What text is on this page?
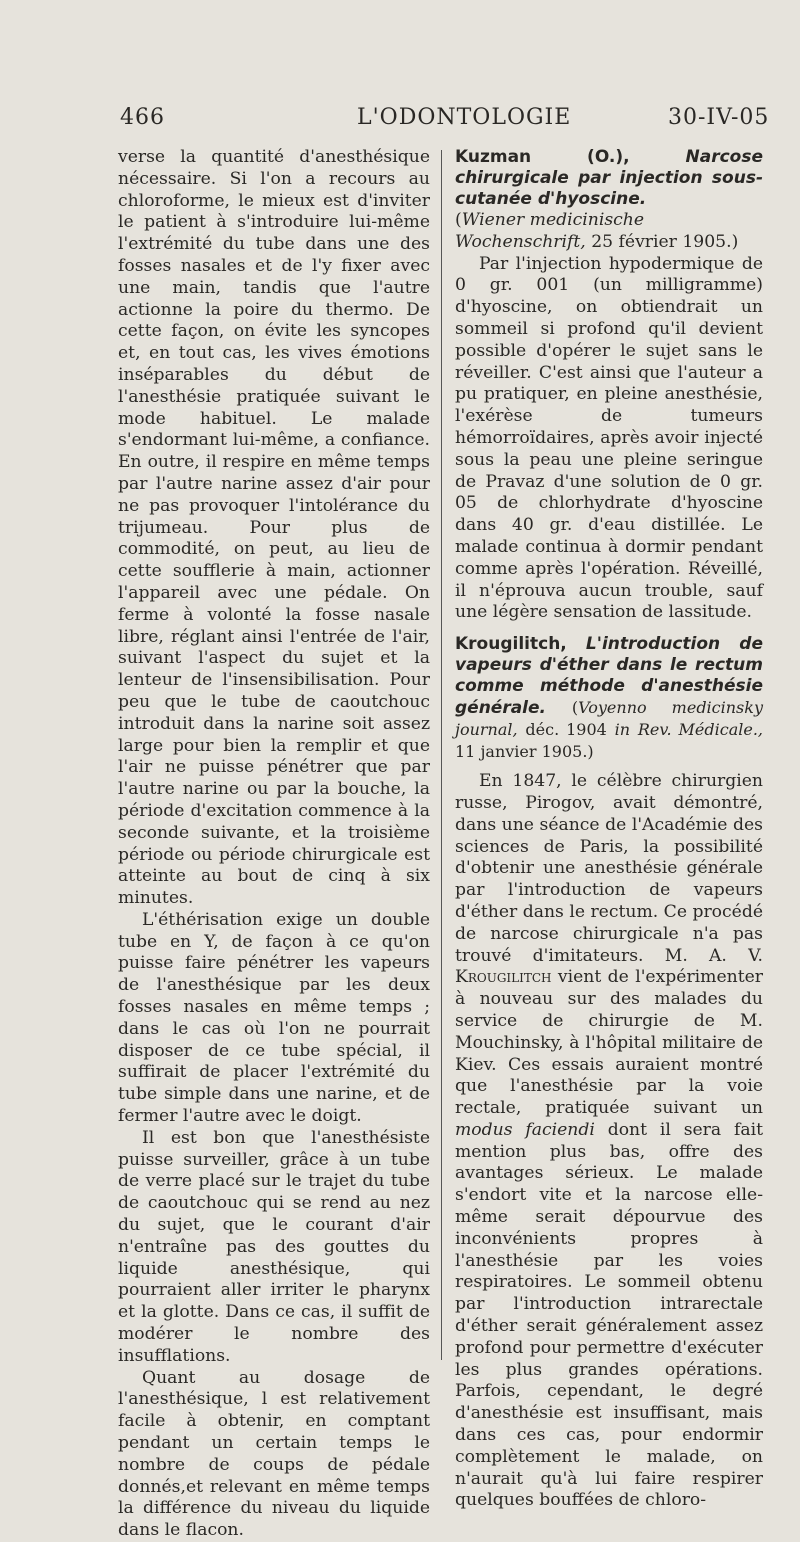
466	L'ODONTOLOGIE	30-IV-05

verse la quantité d'anesthésique nécessaire. Si l'on a recours au chloroforme, le mieux est d'inviter le patient à s'introduire lui-même l'extrémité du tube dans une des fosses nasales et de l'y fixer avec une main, tandis que l'autre actionne la poire du thermo. De cette façon, on évite les syncopes et, en tout cas, les vives émotions inséparables du début de l'anesthésie pratiquée suivant le mode habituel. Le malade s'endormant lui-même, a confiance. En outre, il respire en même temps par l'autre narine assez d'air pour ne pas provoquer l'intolérance du trijumeau. Pour plus de commodité, on peut, au lieu de cette soufflerie à main, actionner l'appareil avec une pédale. On ferme à volonté la fosse nasale libre, réglant ainsi l'entrée de l'air, suivant l'aspect du sujet et la lenteur de l'insensibilisation. Pour peu que le tube de caoutchouc introduit dans la narine soit assez large pour bien la remplir et que l'air ne puisse pénétrer que par l'autre narine ou par la bouche, la période d'excitation commence à la seconde suivante, et la troisième période ou période chirurgicale est atteinte au bout de cinq à six minutes.

L'éthérisation exige un double tube en Y, de façon à ce qu'on puisse faire pénétrer les vapeurs de l'anesthésique par les deux fosses nasales en même temps ; dans le cas où l'on ne pourrait disposer de ce tube spécial, il suffirait de placer l'extrémité du tube simple dans une narine, et de fermer l'autre avec le doigt.

Il est bon que l'anesthésiste puisse surveiller, grâce à un tube de verre placé sur le trajet du tube de caoutchouc qui se rend au nez du sujet, que le courant d'air n'entraîne pas des gouttes du liquide anesthésique, qui pourraient aller irriter le pharynx et la glotte. Dans ce cas, il suffit de modérer le nombre des insufflations.

Quant au dosage de l'anesthésique, l est relativement facile à obtenir, en comptant pendant un certain temps le nombre de coups de pédale donnés,et relevant en même temps la différence du niveau du liquide dans le flacon.

Kuzman (O.),	Narcose chirurgicale par injection sous-cutanée d'hyoscine.

(Wiener medicinische Wochenschrift, 25 février 1905.)

Par l'injection hypodermique de 0 gr. 001 (un milligramme) d'hyoscine, on obtiendrait un sommeil si profond qu'il devient possible d'opérer le sujet sans le réveiller. C'est ainsi que l'auteur a pu pratiquer, en pleine anesthésie, l'exérèse de tumeurs hémorroïdaires, après avoir injecté sous la peau une pleine seringue de Pravaz d'une solution de 0 gr. 05 de chlorhydrate d'hyoscine dans 40 gr. d'eau distillée. Le malade continua à dormir pendant comme après l'opération. Réveillé, il n'éprouva aucun trouble, sauf une légère sensation de lassitude.

Krougilitch, L'introduction de vapeurs d'éther dans le rectum comme méthode d'anesthésie générale. (Voyenno medicinsky journal, déc. 1904 in Rev. Médicale., 11 janvier 1905.)

En 1847, le célèbre chirurgien russe, Pirogov, avait démontré, dans une séance de l'Académie des sciences de Paris, la possibilité d'obtenir une anesthésie générale par l'introduction de vapeurs d'éther dans le rectum. Ce procédé de narcose chirurgicale n'a pas trouvé d'imitateurs. M. A. V. Krougilitch vient de l'expérimenter à nouveau sur des malades du service de chirurgie de M. Mouchinsky, à l'hôpital militaire de Kiev. Ces essais auraient montré que l'anesthésie par la voie rectale, pratiquée suivant un modus faciendi dont il sera fait mention plus bas, offre des avantages sérieux. Le malade s'endort vite et la narcose elle-même serait dépourvue des inconvénients propres à l'anesthésie par les voies respiratoires. Le sommeil obtenu par l'introduction intrarectale d'éther serait généralement assez profond pour permettre d'exécuter les plus grandes opérations. Parfois, cependant, le degré d'anesthésie est insuffisant, mais dans ces cas, pour endormir complètement le malade, on n'aurait qu'à lui faire respirer quelques bouffées de chloro-
